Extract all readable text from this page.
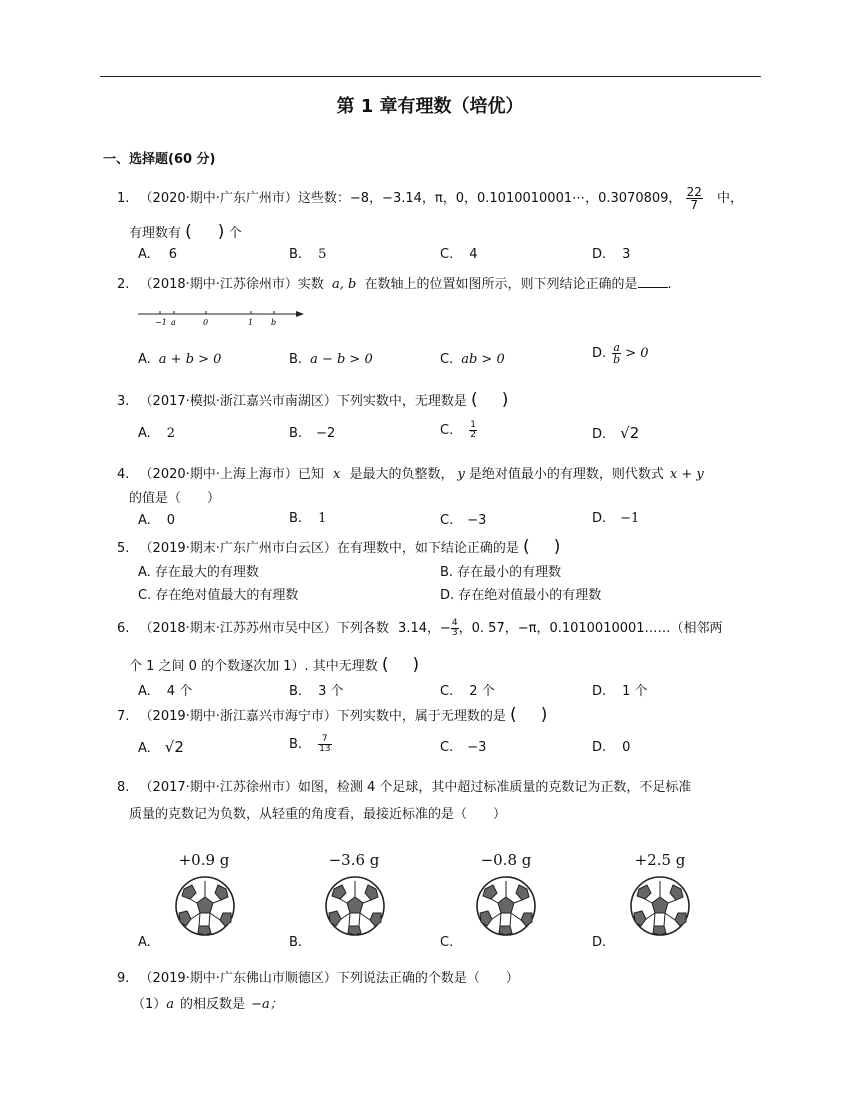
第 1 章有理数（培优）
一、选择题(60 分)
1. （2020·期中·广东广州市）这些数：−8，−3.14，π，0，0.1010010001⋯，0.3070809， $\frac{22}{7}$ 中，
有理数有 ( ) 个
A. 6	B. 5	C. 4	D. 3
2. （2018·期中·江苏徐州市）实数 a, b 在数轴上的位置如图所示，则下列结论正确的是 .
−1 a	0	1 b
A. a + b > 0	B. a − b > 0	C. ab > 0	D. $\frac{a}{b} > 0$
3. （2017·模拟·浙江嘉兴市南湖区）下列实数中，无理数是 ( )
A. 2	B. −2	C. $\frac{1}{2}$	D. √2
4. （2020·期中·上海上海市）已知 x 是最大的负整数， y 是绝对值最小的有理数，则代数式 x + y
的值是（　　）
A. 0	B. 1	C. −3	D. −1
5. （2019·期末·广东广州市白云区）在有理数中，如下结论正确的是 ( )
A. 存在最大的有理数	B. 存在最小的有理数
C. 存在绝对值最大的有理数	D. 存在绝对值最小的有理数
6. （2018·期末·江苏苏州市吴中区）下列各数 3.14，− $\frac{4}{3}$ ，0. 5̇7̇，−π，0.1010010001……（相邻两
个 1 之间 0 的个数逐次加 1）. 其中无理数 ( )
A. 4 个	B. 3 个	C. 2 个	D. 1 个
7. （2019·期中·浙江嘉兴市海宁市）下列实数中，属于无理数的是 ( )
A. √2	B. $\frac{7}{13}$	C. −3	D. 0
8. （2017·期中·江苏徐州市）如图，检测 4 个足球，其中超过标准质量的克数记为正数，不足标准
质量的克数记为负数，从轻重的角度看，最接近标准的是（　　）
+0.9 g	−3.6 g	−0.8 g	+2.5 g
A.	B.	C.	D.
9. （2019·期中·广东佛山市顺德区）下列说法正确的个数是（　　）
（1）a 的相反数是 −a；
